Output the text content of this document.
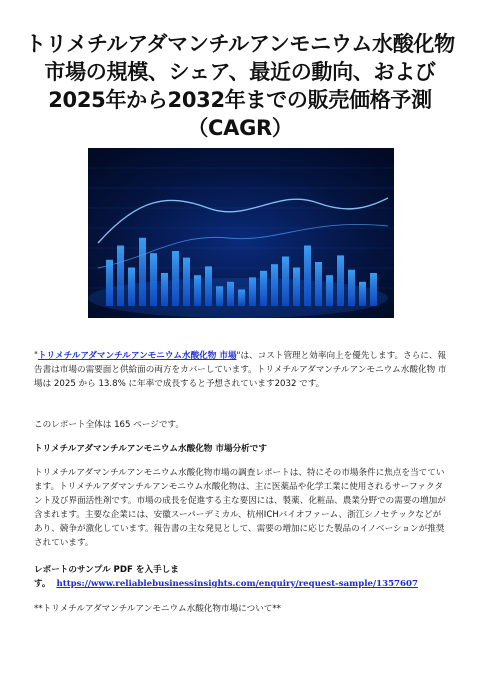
トリメチルアダマンチルアンモニウム水酸化物市場の規模、シェア、最近の動向、および2025年から2032年までの販売価格予測（CAGR）

"トリメチルアダマンチルアンモニウム水酸化物 市場"は、コスト管理と効率向上を優先します。さらに、報告書は市場の需要面と供給面の両方をカバーしています。トリメチルアダマンチルアンモニウム水酸化物 市場は 2025 から 13.8% に年率で成長すると予想されています2032 です。

このレポート全体は 165 ページです。

トリメチルアダマンチルアンモニウム水酸化物 市場分析です

トリメチルアダマンチルアンモニウム水酸化物市場の調査レポートは、特にその市場条件に焦点を当てています。トリメチルアダマンチルアンモニウム水酸化物は、主に医薬品や化学工業に使用されるサーファクタント及び界面活性剤です。市場の成長を促進する主な要因には、製薬、化粧品、農業分野での需要の増加が含まれます。主要な企業には、安徽スーパーデミカル、杭州ICHバイオファーム、浙江シノセテックなどがあり、競争が激化しています。報告書の主な発見として、需要の増加に応じた製品のイノベーションが推奨されています。

レポートのサンプル PDF を入手します。 https://www.reliablebusinessinsights.com/enquiry/request-sample/1357607

**トリメチルアダマンチルアンモニウム水酸化物市場について**
